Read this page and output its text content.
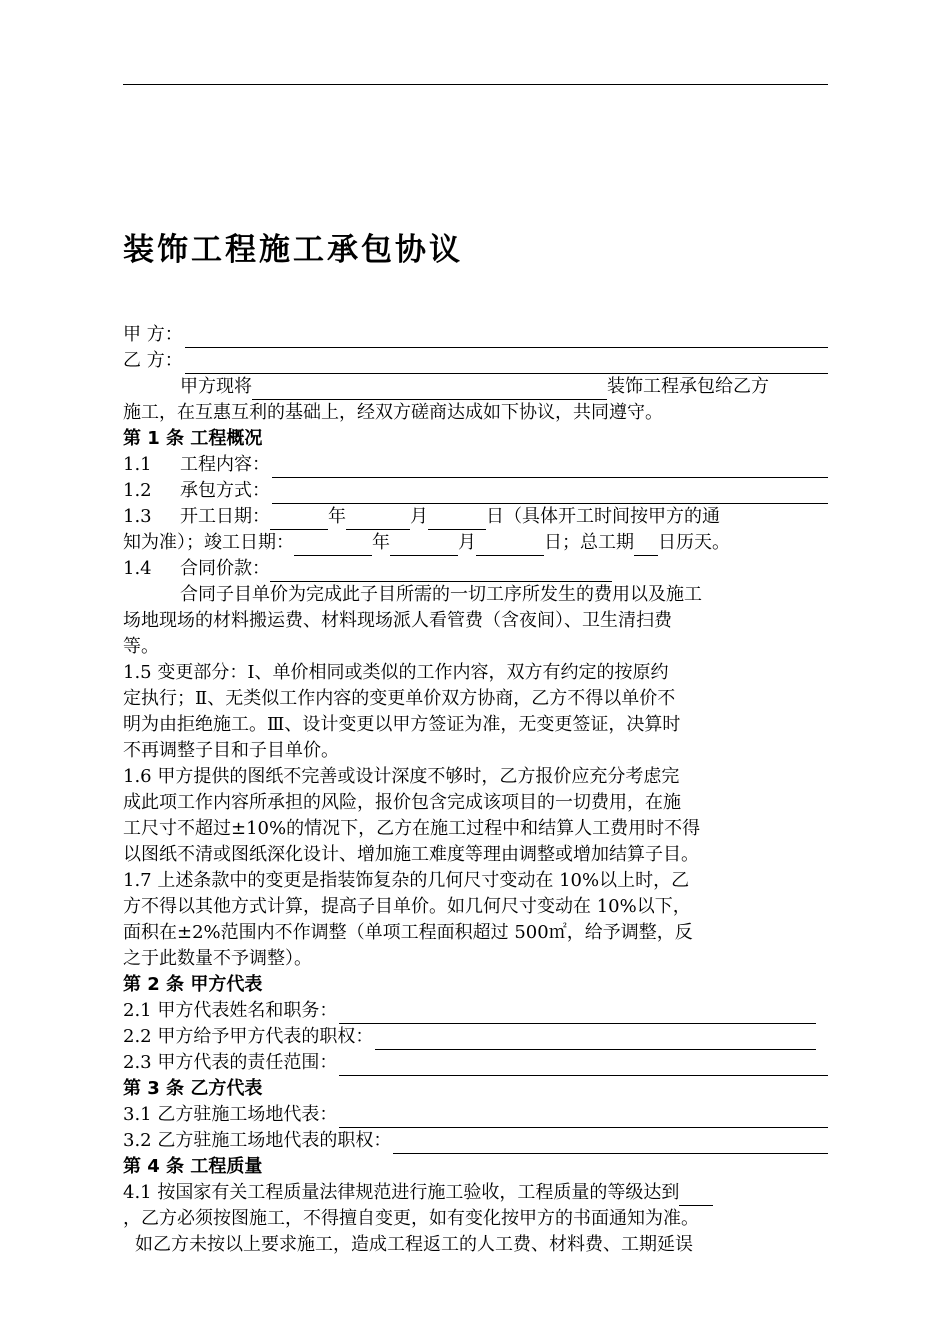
装饰工程施工承包协议
甲 方：
乙 方：
甲方现将	装饰工程承包给乙方
施工，在互惠互利的基础上，经双方磋商达成如下协议，共同遵守。
第 1 条 工程概况
1.1	工程内容：
1.2	承包方式：
1.3 开工日期：	年	月	日（具体开工时间按甲方的通
知为准）；竣工日期：	年	月	日；总工期 日历天。
1.4 合同价款：
合同子目单价为完成此子目所需的一切工序所发生的费用以及施工
场地现场的材料搬运费、材料现场派人看管费（含夜间）、卫生清扫费
等。
1.5 变更部分：Ⅰ、单价相同或类似的工作内容，双方有约定的按原约
定执行；Ⅱ、无类似工作内容的变更单价双方协商，乙方不得以单价不
明为由拒绝施工。Ⅲ、设计变更以甲方签证为准，无变更签证，决算时
不再调整子目和子目单价。
1.6 甲方提供的图纸不完善或设计深度不够时，乙方报价应充分考虑完
成此项工作内容所承担的风险，报价包含完成该项目的一切费用，在施
工尺寸不超过±10%的情况下，乙方在施工过程中和结算人工费用时不得
以图纸不清或图纸深化设计、增加施工难度等理由调整或增加结算子目。
1.7 上述条款中的变更是指装饰复杂的几何尺寸变动在 10%以上时，乙
方不得以其他方式计算，提高子目单价。如几何尺寸变动在 10%以下，
面积在±2%范围内不作调整（单项工程面积超过 500㎡，给予调整，反
之于此数量不予调整）。
第 2 条 甲方代表
2.1 甲方代表姓名和职务：
2.2 甲方给予甲方代表的职权：
2.3 甲方代表的责任范围：
第 3 条 乙方代表
3.1 乙方驻施工场地代表：
3.2 乙方驻施工场地代表的职权：
第 4 条 工程质量
4.1 按国家有关工程质量法律规范进行施工验收，工程质量的等级达到
，乙方必须按图施工，不得擅自变更，如有变化按甲方的书面通知为准。
如乙方未按以上要求施工，造成工程返工的人工费、材料费、工期延误
